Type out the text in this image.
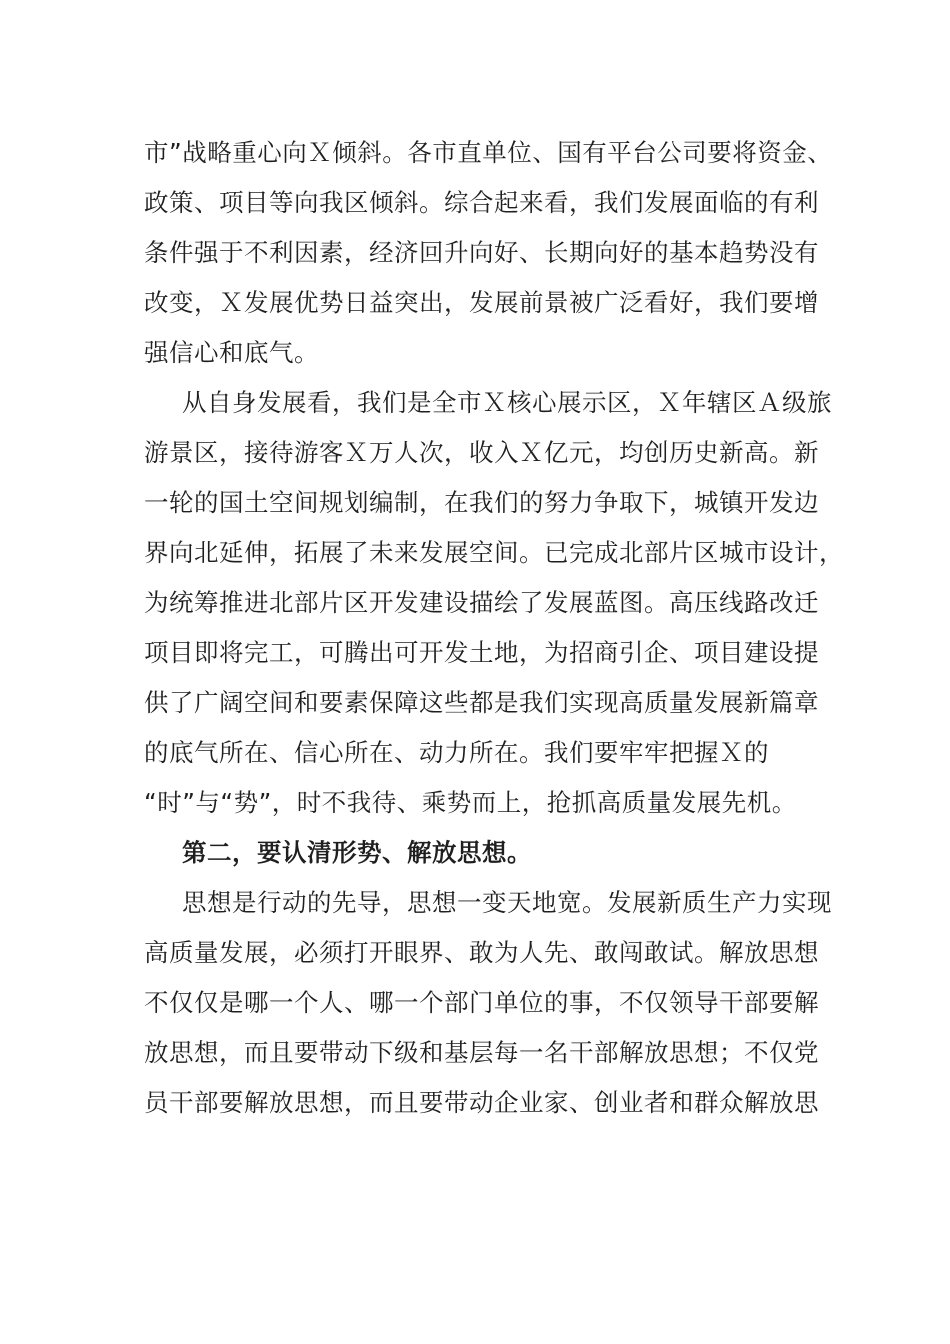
市”战略重心向Ｘ倾斜。各市直单位、国有平台公司要将资金、
政策、项目等向我区倾斜。综合起来看，我们发展面临的有利
条件强于不利因素，经济回升向好、长期向好的基本趋势没有
改变，Ｘ发展优势日益突出，发展前景被广泛看好，我们要增
强信心和底气。
从自身发展看，我们是全市Ｘ核心展示区，Ｘ年辖区Ａ级旅
游景区，接待游客Ｘ万人次，收入Ｘ亿元，均创历史新高。新
一轮的国土空间规划编制，在我们的努力争取下，城镇开发边
界向北延伸，拓展了未来发展空间。已完成北部片区城市设计，
为统筹推进北部片区开发建设描绘了发展蓝图。高压线路改迁
项目即将完工，可腾出可开发土地，为招商引企、项目建设提
供了广阔空间和要素保障这些都是我们实现高质量发展新篇章
的底气所在、信心所在、动力所在。我们要牢牢把握Ｘ的
“时”与“势”，时不我待、乘势而上，抢抓高质量发展先机。
第二，要认清形势、解放思想。
思想是行动的先导，思想一变天地宽。发展新质生产力实现
高质量发展，必须打开眼界、敢为人先、敢闯敢试。解放思想
不仅仅是哪一个人、哪一个部门单位的事，不仅领导干部要解
放思想，而且要带动下级和基层每一名干部解放思想；不仅党
员干部要解放思想，而且要带动企业家、创业者和群众解放思
